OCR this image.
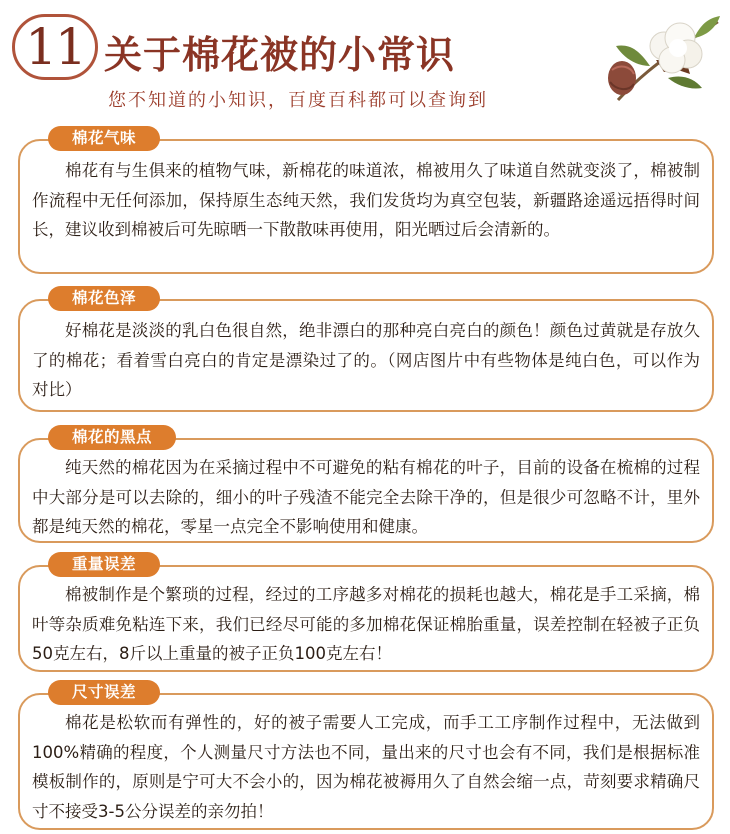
11 关于棉花被的小常识
您不知道的小知识，百度百科都可以查询到
棉花气味

棉花有与生俱来的植物气味，新棉花的味道浓，棉被用久了味道自然就变淡了，棉被制作流程中无任何添加，保持原生态纯天然，我们发货均为真空包装，新疆路途遥远捂得时间长，建议收到棉被后可先晾晒一下散散味再使用，阳光晒过后会清新的。

棉花色泽

好棉花是淡淡的乳白色很自然，绝非漂白的那种亮白亮白的颜色！颜色过黄就是存放久了的棉花；看着雪白亮白的肯定是漂染过了的。（网店图片中有些物体是纯白色，可以作为对比）

棉花的黑点

纯天然的棉花因为在采摘过程中不可避免的粘有棉花的叶子，目前的设备在梳棉的过程中大部分是可以去除的，细小的叶子残渣不能完全去除干净的，但是很少可忽略不计，里外都是纯天然的棉花，零星一点完全不影响使用和健康。

重量误差

棉被制作是个繁琐的过程，经过的工序越多对棉花的损耗也越大，棉花是手工采摘，棉叶等杂质难免粘连下来，我们已经尽可能的多加棉花保证棉胎重量，误差控制在轻被子正负50克左右，8斤以上重量的被子正负100克左右！

尺寸误差

棉花是松软而有弹性的，好的被子需要人工完成，而手工工序制作过程中，无法做到100%精确的程度，个人测量尺寸方法也不同，量出来的尺寸也会有不同，我们是根据标准模板制作的，原则是宁可大不会小的，因为棉花被褥用久了自然会缩一点，苛刻要求精确尺寸不接受3-5公分误差的亲勿拍！
